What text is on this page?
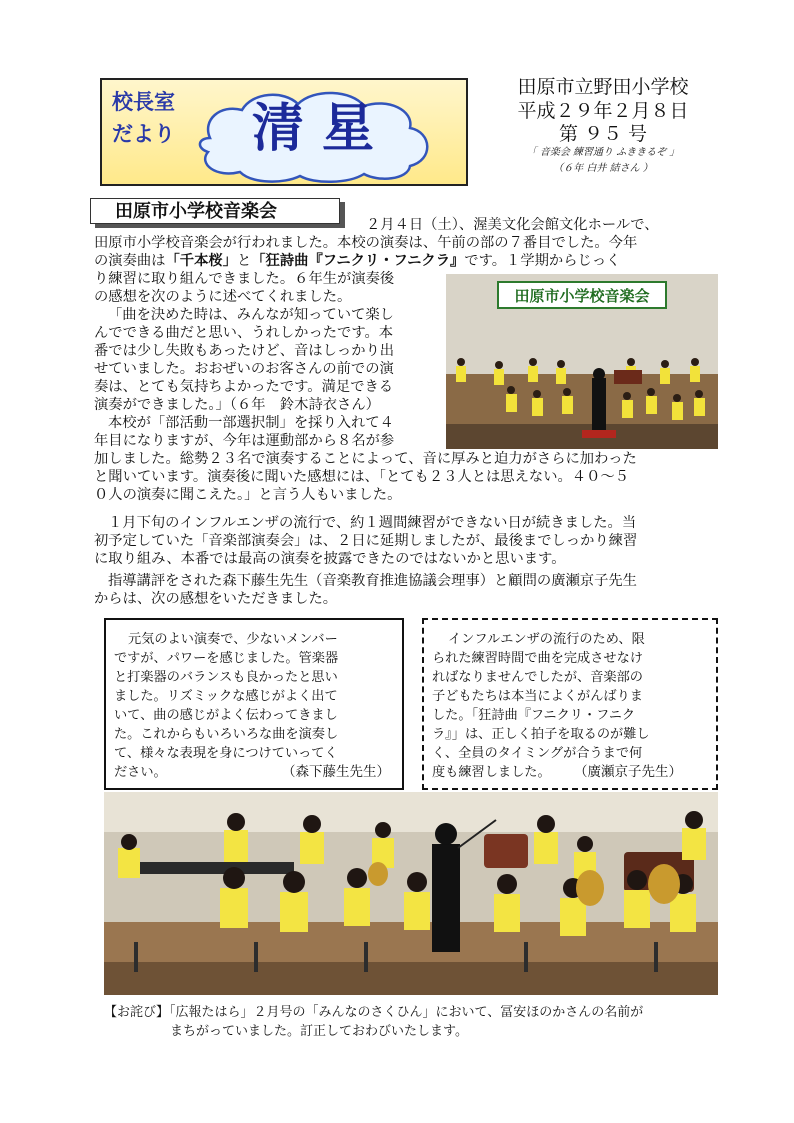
校長室
だより	清星
田原市立野田小学校
平成２９年２月８日
第 ９５ 号
「 音楽会 練習通り ふききるぞ 」
（６年 白井 結さん ）
田原市小学校音楽会
２月４日（土）、渥美文化会館文化ホールで、
田原市小学校音楽会が行われました。本校の演奏は、午前の部の７番目でした。今年
の演奏曲は「千本桜」と「狂詩曲『フニクリ・フニクラ』です。１学期からじっく
り練習に取り組んできました。６年生が演奏後
の感想を次のように述べてくれました。
「曲を決めた時は、みんなが知っていて楽し
んでできる曲だと思い、うれしかったです。本
番では少し失敗もあったけど、音はしっかり出
せていました。おおぜいのお客さんの前での演
奏は、とても気持ちよかったです。満足できる
演奏ができました。」（６年　鈴木詩衣さん）
本校が「部活動一部選択制」を採り入れて４
年目になりますが、今年は運動部から８名が参
加しました。総勢２３名で演奏することによって、音に厚みと迫力がさらに加わった
と聞いています。演奏後に聞いた感想には、「とても２３人とは思えない。４０～５
０人の演奏に聞こえた。」と言う人もいました。
１月下旬のインフルエンザの流行で、約１週間練習ができない日が続きました。当
初予定していた「音楽部演奏会」は、２日に延期しましたが、最後までしっかり練習
に取り組み、本番では最高の演奏を披露できたのではないかと思います。
指導講評をされた森下藤生先生（音楽教育推進協議会理事）と顧問の廣瀬京子先生
からは、次の感想をいただきました。
田原市小学校音楽会
元気のよい演奏で、少ないメンバー
ですが、パワーを感じました。管楽器
と打楽器のバランスも良かったと思い
ました。リズミックな感じがよく出て
いて、曲の感じがよく伝わってきまし
た。これからもいろいろな曲を演奏し
て、様々な表現を身につけていってく
ださい。	（森下藤生先生）
インフルエンザの流行のため、限
られた練習時間で曲を完成させなけ
ればなりませんでしたが、音楽部の
子どもたちは本当によくがんばりま
した。「狂詩曲『フニクリ・フニク
ラ』」は、正しく拍子を取るのが難し
く、全員のタイミングが合うまで何
度も練習しました。 （廣瀬京子先生）
【お詫び】「広報たはら」２月号の「みんなのさくひん」において、冨安ほのかさんの名前が
まちがっていました。訂正しておわびいたします。
